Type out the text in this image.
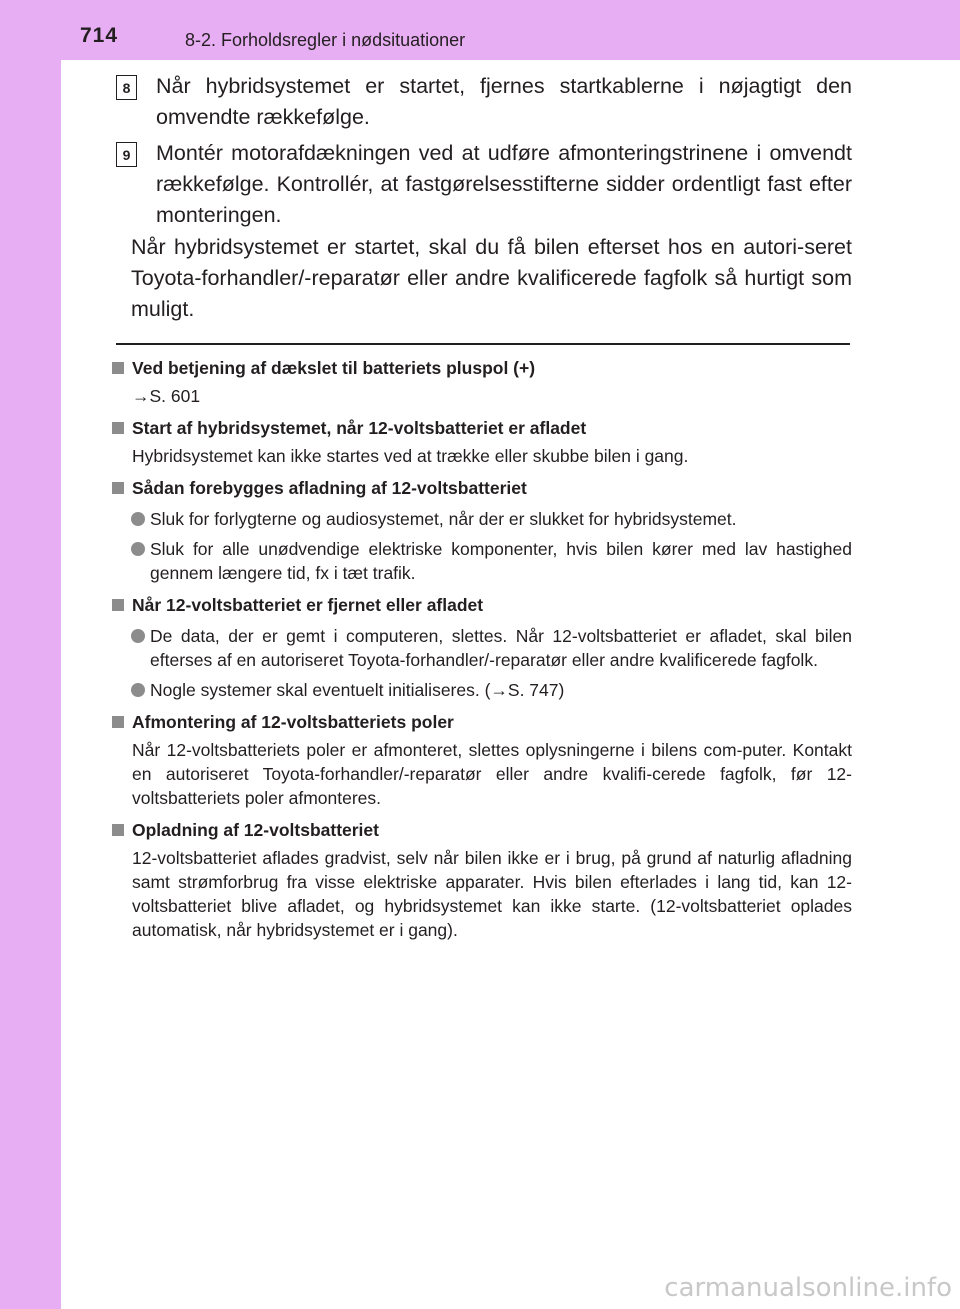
714	8-2. Forholdsregler i nødsituationer
8	Når hybridsystemet er startet, fjernes startkablerne i nøjagtigt den omvendte rækkefølge.
9	Montér motorafdækningen ved at udføre afmonteringstrinene i omvendt rækkefølge. Kontrollér, at fastgørelsesstifterne sidder ordentligt fast efter monteringen.
Når hybridsystemet er startet, skal du få bilen efterset hos en autori-seret Toyota-forhandler/-reparatør eller andre kvalificerede fagfolk så hurtigt som muligt.
Ved betjening af dækslet til batteriets pluspol (+)
→S. 601
Start af hybridsystemet, når 12-voltsbatteriet er afladet
Hybridsystemet kan ikke startes ved at trække eller skubbe bilen i gang.
Sådan forebygges afladning af 12-voltsbatteriet
Sluk for forlygterne og audiosystemet, når der er slukket for hybridsystemet.
Sluk for alle unødvendige elektriske komponenter, hvis bilen kører med lav hastighed gennem længere tid, fx i tæt trafik.
Når 12-voltsbatteriet er fjernet eller afladet
De data, der er gemt i computeren, slettes. Når 12-voltsbatteriet er afladet, skal bilen efterses af en autoriseret Toyota-forhandler/-reparatør eller andre kvalificerede fagfolk.
Nogle systemer skal eventuelt initialiseres. (→S. 747)
Afmontering af 12-voltsbatteriets poler
Når 12-voltsbatteriets poler er afmonteret, slettes oplysningerne i bilens com-puter. Kontakt en autoriseret Toyota-forhandler/-reparatør eller andre kvalifi-cerede fagfolk, før 12-voltsbatteriets poler afmonteres.
Opladning af 12-voltsbatteriet
12-voltsbatteriet aflades gradvist, selv når bilen ikke er i brug, på grund af naturlig afladning samt strømforbrug fra visse elektriske apparater. Hvis bilen efterlades i lang tid, kan 12-voltsbatteriet blive afladet, og hybridsystemet kan ikke starte. (12-voltsbatteriet oplades automatisk, når hybridsystemet er i gang).
carmanualsonline.info
